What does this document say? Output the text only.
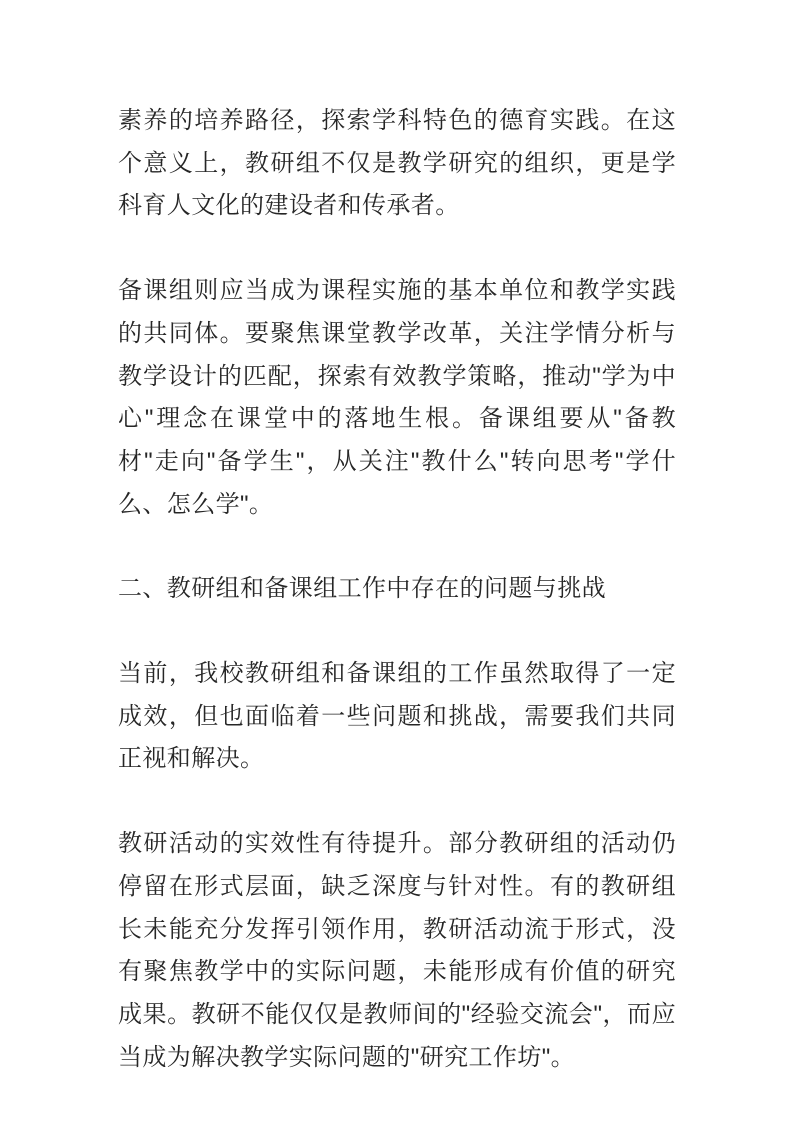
素养的培养路径，探索学科特色的德育实践。在这个意义上，教研组不仅是教学研究的组织，更是学科育人文化的建设者和传承者。

备课组则应当成为课程实施的基本单位和教学实践的共同体。要聚焦课堂教学改革，关注学情分析与教学设计的匹配，探索有效教学策略，推动"学为中心"理念在课堂中的落地生根。备课组要从"备教材"走向"备学生"，从关注"教什么"转向思考"学什么、怎么学"。

二、教研组和备课组工作中存在的问题与挑战

当前，我校教研组和备课组的工作虽然取得了一定成效，但也面临着一些问题和挑战，需要我们共同正视和解决。

教研活动的实效性有待提升。部分教研组的活动仍停留在形式层面，缺乏深度与针对性。有的教研组长未能充分发挥引领作用，教研活动流于形式，没有聚焦教学中的实际问题，未能形成有价值的研究成果。教研不能仅仅是教师间的"经验交流会"，而应当成为解决教学实际问题的"研究工作坊"。
